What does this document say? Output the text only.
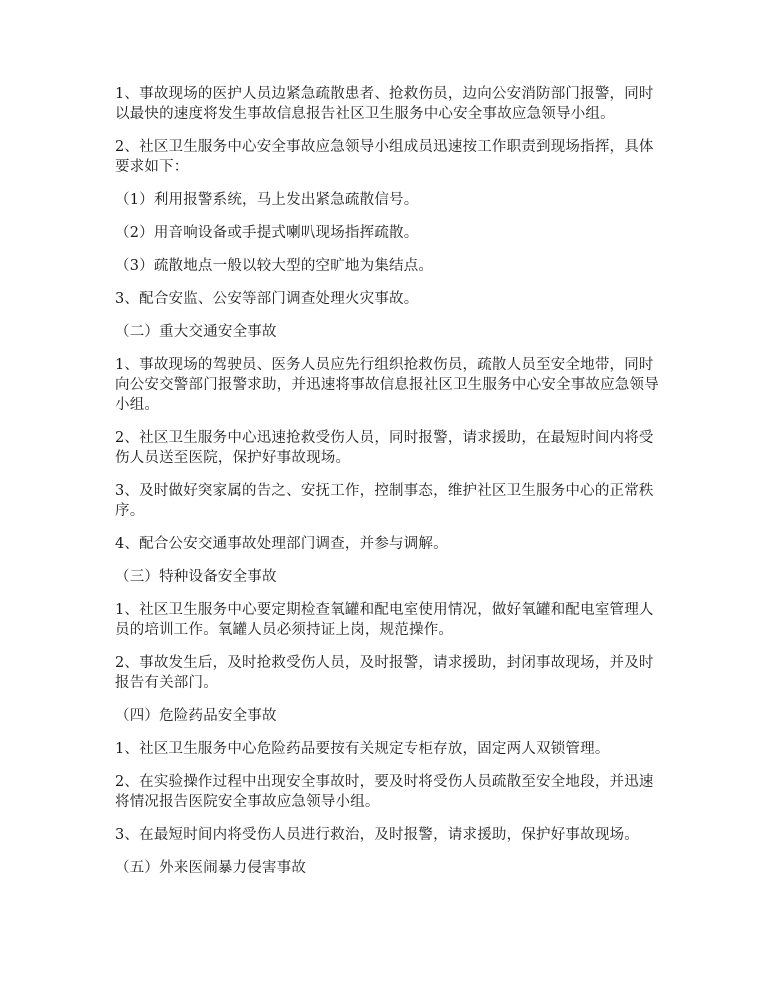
1、事故现场的医护人员边紧急疏散患者、抢救伤员，边向公安消防部门报警，同时以最快的速度将发生事故信息报告社区卫生服务中心安全事故应急领导小组。

2、社区卫生服务中心安全事故应急领导小组成员迅速按工作职责到现场指挥，具体要求如下：

（1）利用报警系统，马上发出紧急疏散信号。

（2）用音响设备或手提式喇叭现场指挥疏散。

（3）疏散地点一般以较大型的空旷地为集结点。

3、配合安监、公安等部门调查处理火灾事故。

（二）重大交通安全事故

1、事故现场的驾驶员、医务人员应先行组织抢救伤员，疏散人员至安全地带，同时向公安交警部门报警求助，并迅速将事故信息报社区卫生服务中心安全事故应急领导小组。

2、社区卫生服务中心迅速抢救受伤人员，同时报警，请求援助，在最短时间内将受伤人员送至医院，保护好事故现场。

3、及时做好突家属的告之、安抚工作，控制事态，维护社区卫生服务中心的正常秩序。

4、配合公安交通事故处理部门调查，并参与调解。

（三）特种设备安全事故

1、社区卫生服务中心要定期检查氧罐和配电室使用情况，做好氧罐和配电室管理人员的培训工作。氧罐人员必须持证上岗，规范操作。

2、事故发生后，及时抢救受伤人员，及时报警，请求援助，封闭事故现场，并及时报告有关部门。

（四）危险药品安全事故

1、社区卫生服务中心危险药品要按有关规定专柜存放，固定两人双锁管理。

2、在实验操作过程中出现安全事故时，要及时将受伤人员疏散至安全地段，并迅速将情况报告医院安全事故应急领导小组。

3、在最短时间内将受伤人员进行救治，及时报警，请求援助，保护好事故现场。

（五）外来医闹暴力侵害事故
